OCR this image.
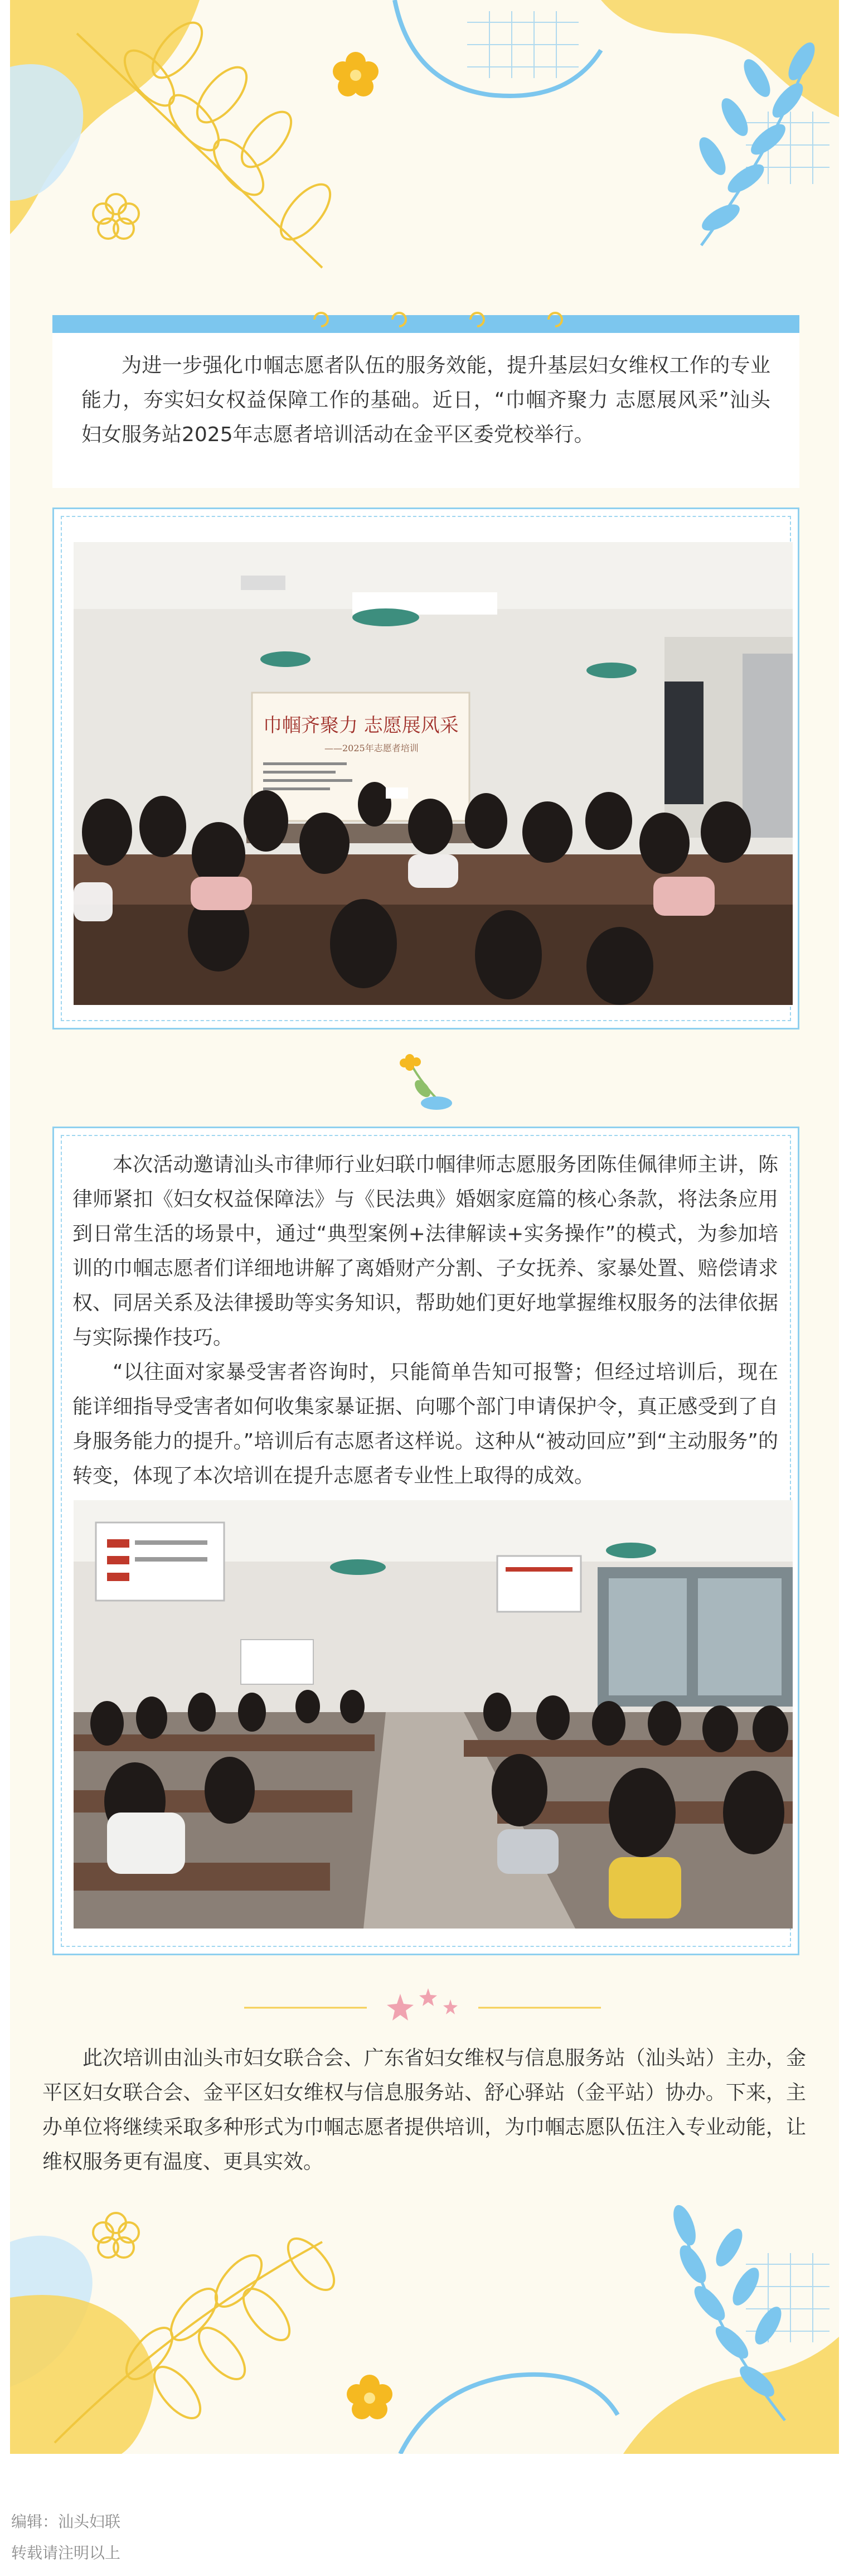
为进一步强化巾帼志愿者队伍的服务效能，提升基层妇女维权工作的专业能力，夯实妇女权益保障工作的基础。近日，“巾帼齐聚力 志愿展风采”汕头妇女服务站2025年志愿者培训活动在金平区委党校举行。

巾帼齐聚力 志愿展风采
——2025年志愿者培训

本次活动邀请汕头市律师行业妇联巾帼律师志愿服务团陈佳佩律师主讲，陈律师紧扣《妇女权益保障法》与《民法典》婚姻家庭篇的核心条款，将法条应用到日常生活的场景中，通过“典型案例+法律解读+实务操作”的模式，为参加培训的巾帼志愿者们详细地讲解了离婚财产分割、子女抚养、家暴处置、赔偿请求权、同居关系及法律援助等实务知识，帮助她们更好地掌握维权服务的法律依据与实际操作技巧。

“以往面对家暴受害者咨询时，只能简单告知可报警；但经过培训后，现在能详细指导受害者如何收集家暴证据、向哪个部门申请保护令，真正感受到了自身服务能力的提升。”培训后有志愿者这样说。这种从“被动回应”到“主动服务”的转变，体现了本次培训在提升志愿者专业性上取得的成效。

此次培训由汕头市妇女联合会、广东省妇女维权与信息服务站（汕头站）主办，金平区妇女联合会、金平区妇女维权与信息服务站、舒心驿站（金平站）协办。下来，主办单位将继续采取多种形式为巾帼志愿者提供培训，为巾帼志愿队伍注入专业动能，让维权服务更有温度、更具实效。

编辑：汕头妇联
转载请注明以上
